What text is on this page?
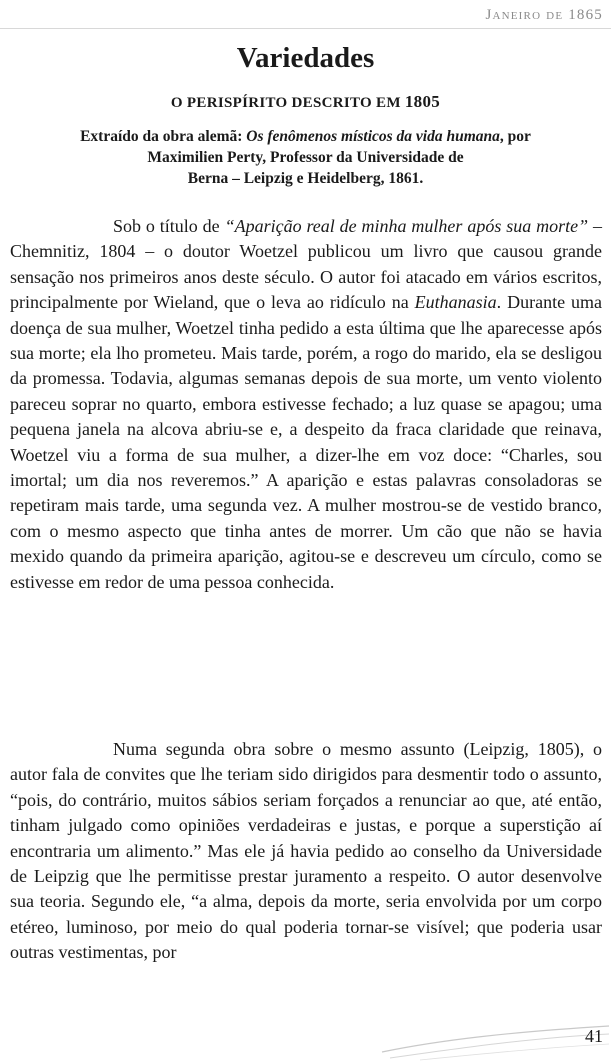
Janeiro de 1865
Variedades
O PERISPÍRITO DESCRITO EM 1805

Extraído da obra alemã: Os fenômenos místicos da vida humana, por
Maximilien Perty, Professor da Universidade de
Berna – Leipzig e Heidelberg, 1861.

Sob o título de “Aparição real de minha mulher após sua morte” – Chemnitiz, 1804 – o doutor Woetzel publicou um livro que causou grande sensação nos primeiros anos deste século. O autor foi atacado em vários escritos, principalmente por Wieland, que o leva ao ridículo na Euthanasia. Durante uma doença de sua mulher, Woetzel tinha pedido a esta última que lhe aparecesse após sua morte; ela lho prometeu. Mais tarde, porém, a rogo do marido, ela se desligou da promessa. Todavia, algumas semanas depois de sua morte, um vento violento pareceu soprar no quarto, embora estivesse fechado; a luz quase se apagou; uma pequena janela na alcova abriu-se e, a despeito da fraca claridade que reinava, Woetzel viu a forma de sua mulher, a dizer-lhe em voz doce: “Charles, sou imortal; um dia nos reveremos.” A aparição e estas palavras consoladoras se repetiram mais tarde, uma segunda vez. A mulher mostrou-se de vestido branco, com o mesmo aspecto que tinha antes de morrer. Um cão que não se havia mexido quando da primeira aparição, agitou-se e descreveu um círculo, como se estivesse em redor de uma pessoa conhecida.

Numa segunda obra sobre o mesmo assunto (Leipzig, 1805), o autor fala de convites que lhe teriam sido dirigidos para desmentir todo o assunto, “pois, do contrário, muitos sábios seriam forçados a renunciar ao que, até então, tinham julgado como opiniões verdadeiras e justas, e porque a superstição aí encontraria um alimento.” Mas ele já havia pedido ao conselho da Universidade de Leipzig que lhe permitisse prestar juramento a respeito. O autor desenvolve sua teoria. Segundo ele, “a alma, depois da morte, seria envolvida por um corpo etéreo, luminoso, por meio do qual poderia tornar-se visível; que poderia usar outras vestimentas, por

41
